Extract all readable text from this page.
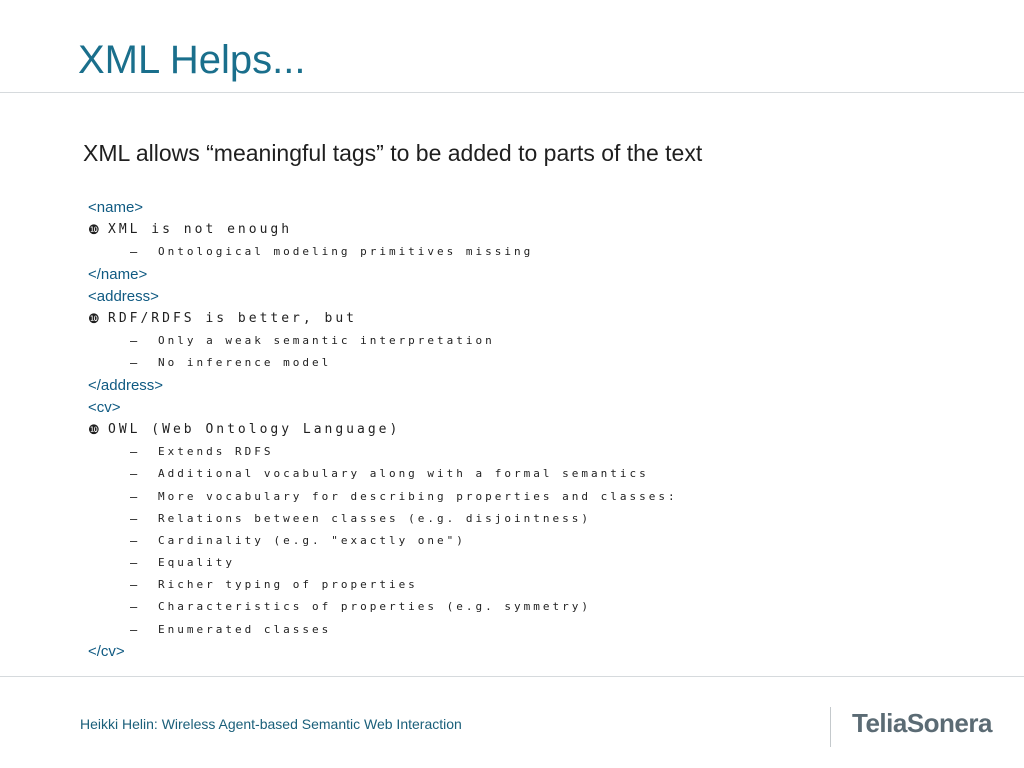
XML Helps...
XML allows “meaningful tags” to be added to parts of the text
<name>
❿ XML is not enough
–	Ontological modeling primitives missing
</name>
<address>
❿ RDF/RDFS is better, but
–	Only a weak semantic interpretation
–	No inference model
</address>
<cv>
❿ OWL (Web Ontology Language)
–	Extends RDFS
–	Additional vocabulary along with a formal semantics
–	More vocabulary for describing properties and classes:
–	Relations between classes (e.g. disjointness)
–	Cardinality (e.g. "exactly one")
–	Equality
–	Richer typing of properties
–	Characteristics of properties (e.g. symmetry)
–	Enumerated classes
</cv>
Heikki Helin: Wireless Agent-based Semantic Web Interaction	TeliaSonera
